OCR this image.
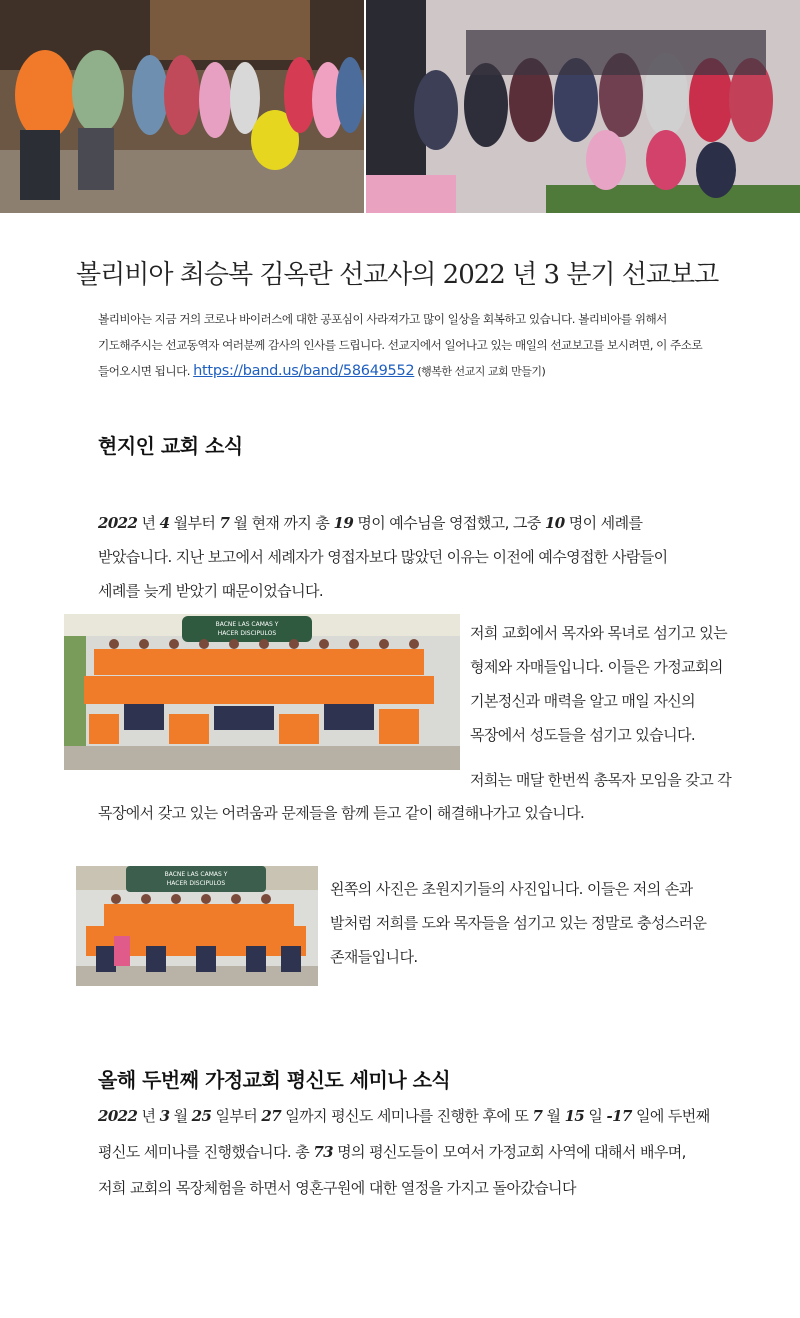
볼리비아 최승복 김옥란 선교사의 2022 년 3 분기 선교보고
볼리비아는 지금 거의 코로나 바이러스에 대한 공포심이 사라져가고 많이 일상을 회복하고 있습니다. 볼리비아를 위해서
기도해주시는 선교동역자 여러분께 감사의 인사를 드립니다. 선교지에서 일어나고 있는 매일의 선교보고를 보시려면, 이 주소로
들어오시면 됩니다. https://band.us/band/58649552 (행복한 선교지 교회 만들기)
현지인 교회 소식
2022 년 4 월부터 7 월 현재 까지 총 19 명이 예수님을 영접했고, 그중 10 명이 세례를
받았습니다. 지난 보고에서 세례자가 영접자보다 많았던 이유는 이전에 예수영접한 사람들이
세례를 늦게 받았기 때문이었습니다.
BACNE LAS CAMAS Y
HACER DISCIPULOS	저희 교회에서 목자와 목녀로 섬기고 있는
형제와 자매들입니다. 이들은 가정교회의
기본정신과 매력을 알고 매일 자신의
목장에서 성도들을 섬기고 있습니다.
저희는 매달 한번씩 총목자 모임을 갖고 각
목장에서 갖고 있는 어려움과 문제들을 함께 듣고 같이 해결해나가고 있습니다.
BACNE LAS CAMAS Y
HACER DISCIPULOS	왼쪽의 사진은 초원지기들의 사진입니다. 이들은 저의 손과
발처럼 저희를 도와 목자들을 섬기고 있는 정말로 충성스러운
존재들입니다.
올해 두번째 가정교회 평신도 세미나 소식
2022 년 3 월 25 일부터 27 일까지 평신도 세미나를 진행한 후에 또 7 월 15 일 -17 일에 두번째
평신도 세미나를 진행했습니다. 총 73 명의 평신도들이 모여서 가정교회 사역에 대해서 배우며,
저희 교회의 목장체험을 하면서 영혼구원에 대한 열정을 가지고 돌아갔습니다
